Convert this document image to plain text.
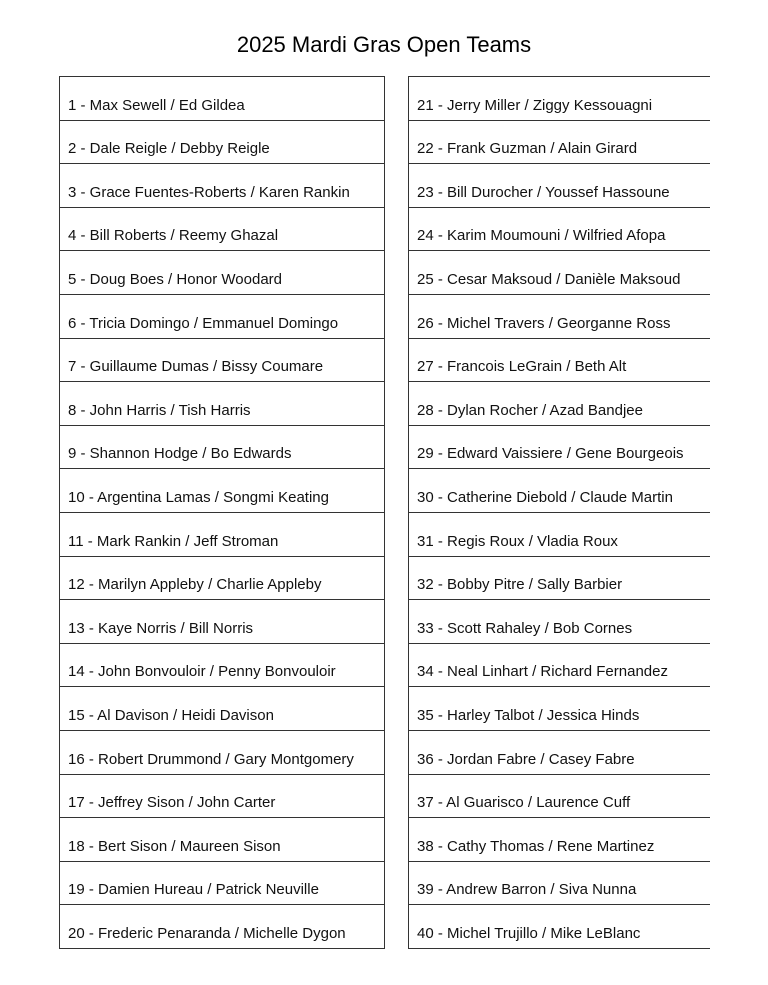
2025 Mardi Gras Open Teams
1 - Max Sewell / Ed Gildea
2 - Dale Reigle / Debby Reigle
3 - Grace Fuentes-Roberts / Karen Rankin
4 - Bill Roberts / Reemy Ghazal
5 - Doug Boes / Honor Woodard
6 - Tricia Domingo / Emmanuel Domingo
7 - Guillaume Dumas / Bissy Coumare
8 - John Harris / Tish Harris
9 - Shannon Hodge / Bo Edwards
10 - Argentina Lamas / Songmi Keating
11 - Mark Rankin / Jeff Stroman
12 - Marilyn Appleby / Charlie Appleby
13 - Kaye Norris / Bill Norris
14 - John Bonvouloir / Penny Bonvouloir
15 - Al Davison / Heidi Davison
16 - Robert Drummond / Gary Montgomery
17 - Jeffrey Sison / John Carter
18 - Bert Sison / Maureen Sison
19 - Damien Hureau / Patrick Neuville
20 - Frederic Penaranda / Michelle Dygon
21 - Jerry Miller / Ziggy Kessouagni
22 - Frank Guzman / Alain Girard
23 - Bill Durocher / Youssef Hassoune
24 - Karim Moumouni / Wilfried Afopa
25 - Cesar Maksoud / Danièle Maksoud
26 - Michel Travers / Georganne Ross
27 - Francois LeGrain / Beth Alt
28 - Dylan Rocher / Azad Bandjee
29 - Edward Vaissiere / Gene Bourgeois
30 - Catherine Diebold / Claude Martin
31 - Regis Roux / Vladia Roux
32 - Bobby Pitre / Sally Barbier
33 - Scott Rahaley / Bob Cornes
34 - Neal Linhart / Richard Fernandez
35 - Harley Talbot / Jessica Hinds
36 - Jordan Fabre / Casey Fabre
37 - Al Guarisco / Laurence Cuff
38 - Cathy Thomas / Rene Martinez
39 - Andrew Barron / Siva Nunna
40 - Michel Trujillo / Mike LeBlanc
